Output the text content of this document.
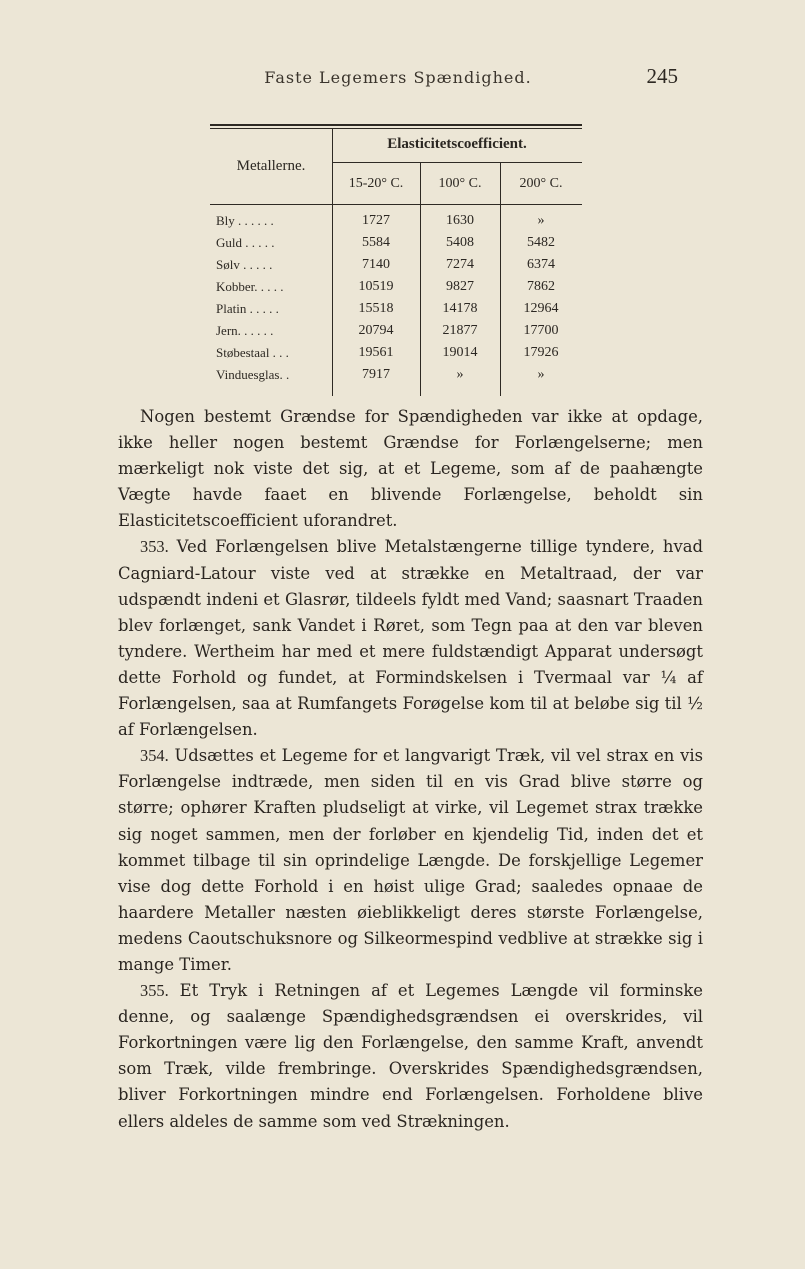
Faste Legemers Spændighed.	245
Metallerne.
Elasticitetscoefficient.
15-20° C.	100° C.	200° C.
Bly . . . . . .	1727	1630	»
Guld . . . . .	5584	5408	5482
Sølv . . . . .	7140	7274	6374
Kobber. . . . .	10519	9827	7862
Platin . . . . .	15518	14178	12964
Jern. . . . . .	20794	21877	17700
Støbestaal . . .	19561	19014	17926
Vinduesglas. .	7917	»	»

Nogen bestemt Grændse for Spændigheden var ikke at opdage, ikke heller nogen bestemt Grændse for Forlængelserne; men mærkeligt nok viste det sig, at et Legeme, som af de paahængte Vægte havde faaet en blivende Forlængelse, beholdt sin Elasticitetscoefficient uforandret.

353. Ved Forlængelsen blive Metalstængerne tillige tyndere, hvad Cagniard-Latour viste ved at strække en Metaltraad, der var udspændt indeni et Glasrør, tildeels fyldt med Vand; saasnart Traaden blev forlænget, sank Vandet i Røret, som Tegn paa at den var bleven tyndere. Wertheim har med et mere fuldstændigt Apparat undersøgt dette Forhold og fundet, at Formindskelsen i Tvermaal var ¼ af Forlængelsen, saa at Rumfangets Forøgelse kom til at beløbe sig til ½ af Forlængelsen.

354. Udsættes et Legeme for et langvarigt Træk, vil vel strax en vis Forlængelse indtræde, men siden til en vis Grad blive større og større; ophører Kraften pludseligt at virke, vil Legemet strax trække sig noget sammen, men der forløber en kjendelig Tid, inden det et kommet tilbage til sin oprindelige Længde. De forskjellige Legemer vise dog dette Forhold i en høist ulige Grad; saaledes opnaae de haardere Metaller næsten øieblikkeligt deres største Forlængelse, medens Caoutschuksnore og Silkeormespind vedblive at strække sig i mange Timer.

355. Et Tryk i Retningen af et Legemes Længde vil forminske denne, og saalænge Spændighedsgrændsen ei overskrides, vil Forkortningen være lig den Forlængelse, den samme Kraft, anvendt som Træk, vilde frembringe. Overskrides Spændighedsgrændsen, bliver Forkortningen mindre end Forlængelsen. Forholdene blive ellers aldeles de samme som ved Strækningen.
